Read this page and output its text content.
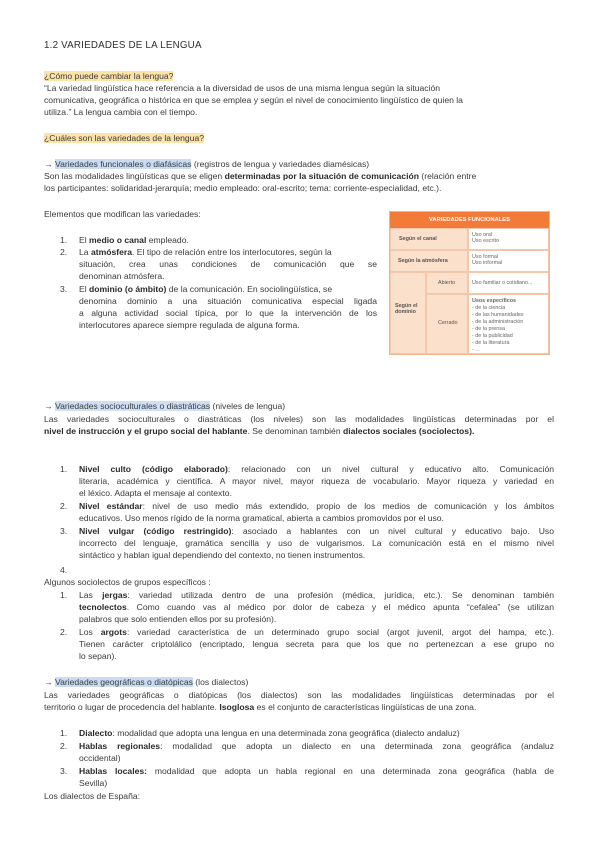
1.2 VARIEDADES DE LA LENGUA
¿Cómo puede cambiar la lengua?
“La variedad lingüística hace referencia a la diversidad de usos de una misma lengua según la situación
comunicativa, geográfica o histórica en que se emplea y según el nivel de conocimiento lingüístico de quien la
utiliza.” La lengua cambia con el tiempo.
¿Cuáles son las variedades de la lengua?
→ Variedades funcionales o diafásicas (registros de lengua y variedades diamésicas)
Son las modalidades lingüísticas que se eligen determinadas por la situación de comunicación (relación entre
los participantes: solidaridad-jerarquía; medio empleado: oral-escrito; tema: corriente-especialidad, etc.).
Elementos que modifican las variedades:
1. El medio o canal empleado.
2. La atmósfera. El tipo de relación entre los interlocutores, según la
situación, crea unas condiciones de comunicación que se
denominan atmósfera.
3. El dominio (o ámbito) de la comunicación. En sociolingüística, se
denomina dominio a una situación comunicativa especial ligada
a alguna actividad social típica, por lo que la intervención de los
interlocutores aparece siempre regulada de alguna forma.
VARIEDADES FUNCIONALES
Según el canal
Uso oral
Uso escrito
Según la atmósfera
Uso formal
Uso informal
Según el
dominio
Abierto	Uso familiar o cotidiano...
Cerrado
Usos específicos
- de la ciencia
- de las humanidades
- de la administración
- de la prensa
- de la publicidad
- de la literatura
- ...
→ Variedades socioculturales o diastráticas (niveles de lengua)
Las variedades socioculturales o diastráticas (los niveles) son las modalidades lingüísticas determinadas por el
nivel de instrucción y el grupo social del hablante. Se denominan también dialectos sociales (sociolectos).
1. Nivel culto (código elaborado): relacionado con un nivel cultural y educativo alto. Comunicación
literaria, académica y científica. A mayor nivel, mayor riqueza de vocabulario. Mayor riqueza y variedad en
el léxico. Adapta el mensaje al contexto.
2. Nivel estándar: nivel de uso medio más extendido, propio de los medios de comunicación y los ámbitos
educativos. Uso menos rígido de la norma gramatical, abierta a cambios promovidos por el uso.
3. Nivel vulgar (código restringido): asociado a hablantes con un nivel cultural y educativo bajo. Uso
incorrecto del lenguaje, gramática sencilla y uso de vulgarismos. La comunicación está en el mismo nivel
sintáctico y hablan igual dependiendo del contexto, no tienen instrumentos.
4.
Algunos sociolectos de grupos específicos :
1. Las jergas: variedad utilizada dentro de una profesión (médica, jurídica, etc.). Se denominan también
tecnolectos. Como cuando vas al médico por dolor de cabeza y el médico apunta “cefalea” (se utilizan
palabros que solo entienden ellos por su profesión).
2. Los argots: variedad característica de un determinado grupo social (argot juvenil, argot del hampa, etc.).
Tienen carácter criptolálico (encriptado, lengua secreta para que los que no pertenezcan a ese grupo no
lo sepan).
→ Variedades geográficas o diatópicas (los dialectos)
Las variedades geográficas o diatópicas (los dialectos) son las modalidades lingüísticas determinadas por el
territorio o lugar de procedencia del hablante. Isoglosa es el conjunto de características lingüísticas de una zona.
1. Dialecto: modalidad que adopta una lengua en una determinada zona geográfica (dialecto andaluz)
2. Hablas regionales: modalidad que adopta un dialecto en una determinada zona geográfica (andaluz
occidental)
3. Hablas locales: modalidad que adopta un habla regional en una determinada zona geográfica (habla de
Sevilla)
Los dialectos de España:
